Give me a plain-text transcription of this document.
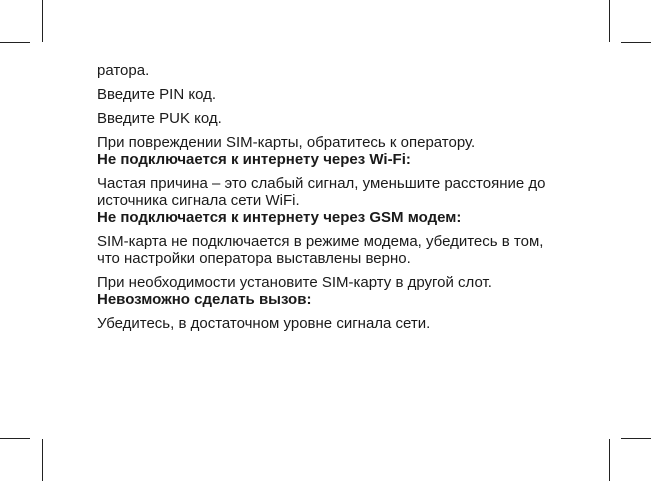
ратора.

Введите PIN код.

Введите PUK код.

При повреждении SIM-карты, обратитесь к оператору.

Не подключается к интернету через Wi-Fi:

Частая причина – это слабый сигнал, уменьшите расстояние до

источника сигнала сети WiFi.

Не подключается к интернету через GSM модем:

SIM-карта не подключается в режиме модема, убедитесь в том,

что настройки оператора выставлены верно.

При необходимости установите SIM-карту в другой слот.

Невозможно сделать вызов:

Убедитесь, в достаточном уровне сигнала сети.
